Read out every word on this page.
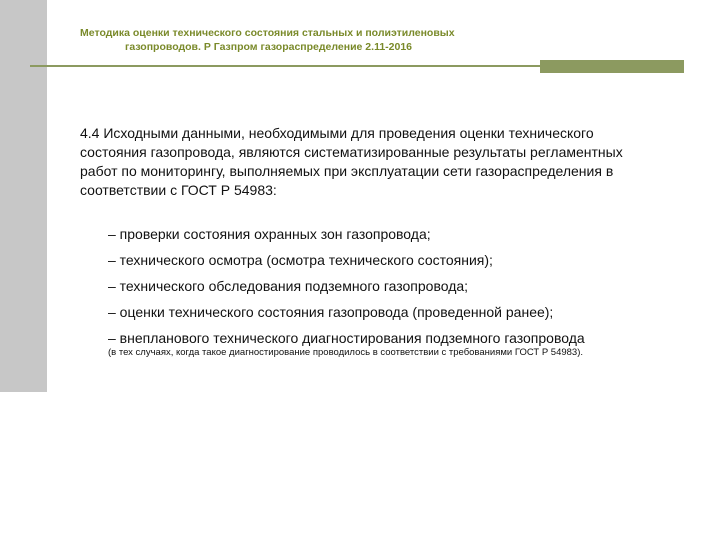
Методика оценки технического состояния стальных и полиэтиленовых
газопроводов. Р Газпром газораспределение 2.11-2016
4.4 Исходными данными, необходимыми для проведения оценки технического состояния газопровода, являются систематизированные результаты регламентных работ по мониторингу, выполняемых при эксплуатации сети газораспределения в соответствии с ГОСТ Р 54983:
– проверки состояния охранных зон газопровода;
– технического осмотра (осмотра технического состояния);
– технического обследования подземного газопровода;
– оценки технического состояния газопровода (проведенной ранее);
– внепланового технического диагностирования подземного газопровода
(в тех случаях, когда такое диагностирование проводилось в соответствии с требованиями ГОСТ Р 54983).
